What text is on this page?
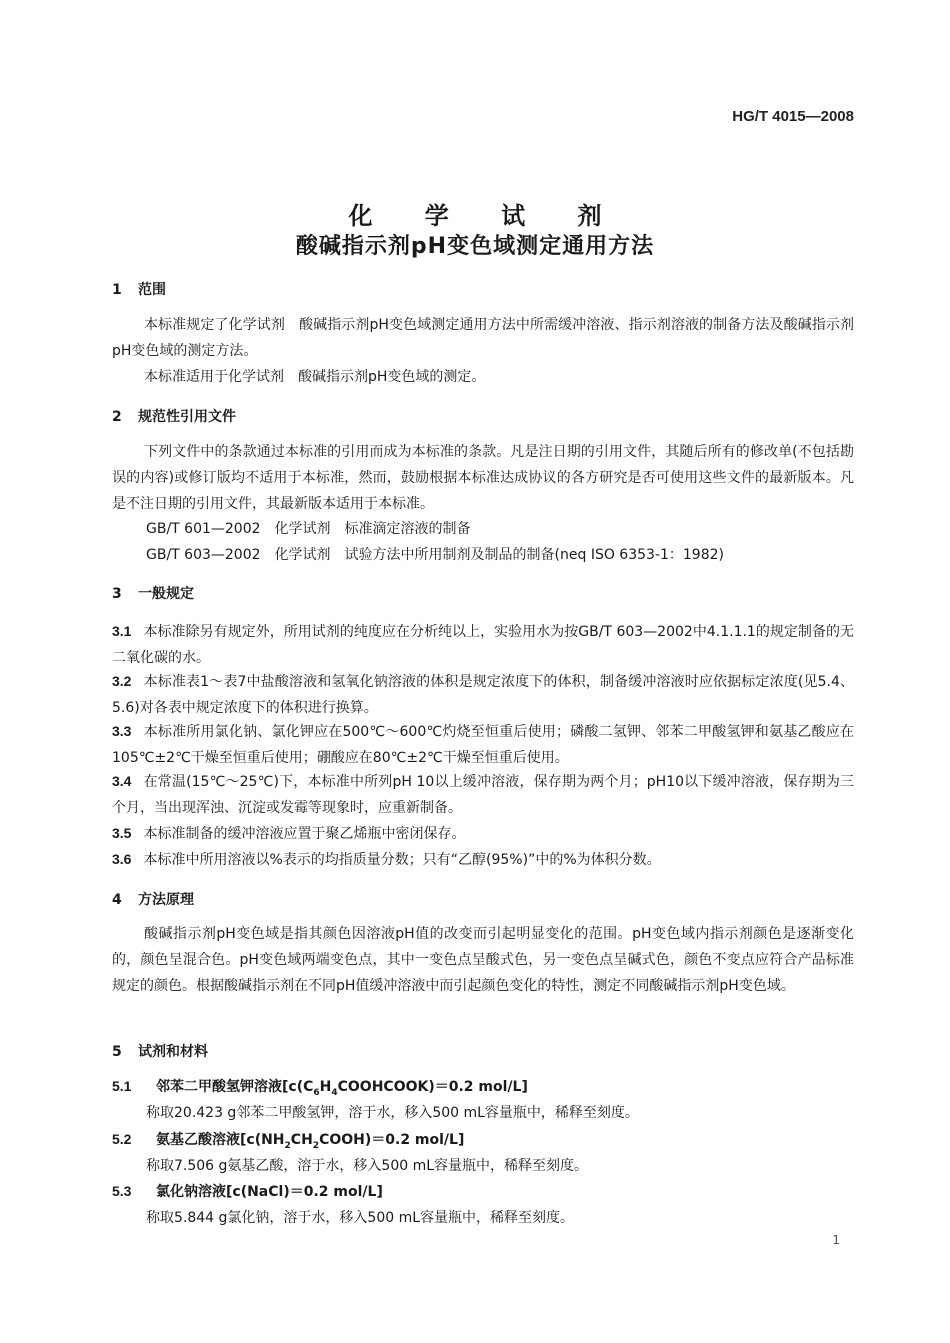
HG/T 4015—2008
化 学 试 剂
酸碱指示剂pH变色域测定通用方法
1 范围
本标准规定了化学试剂　酸碱指示剂pH变色域测定通用方法中所需缓冲溶液、指示剂溶液的制备方法及酸碱指示剂pH变色域的测定方法。
本标准适用于化学试剂　酸碱指示剂pH变色域的测定。
2 规范性引用文件
下列文件中的条款通过本标准的引用而成为本标准的条款。凡是注日期的引用文件，其随后所有的修改单(不包括勘误的内容)或修订版均不适用于本标准，然而，鼓励根据本标准达成协议的各方研究是否可使用这些文件的最新版本。凡是不注日期的引用文件，其最新版本适用于本标准。
GB/T 601—2002 化学试剂 标准滴定溶液的制备
GB/T 603—2002 化学试剂 试验方法中所用制剂及制品的制备(neq ISO 6353-1：1982)
3 一般规定
3.1 本标准除另有规定外，所用试剂的纯度应在分析纯以上，实验用水为按GB/T 603—2002中4.1.1.1的规定制备的无二氧化碳的水。
3.2 本标准表1～表7中盐酸溶液和氢氧化钠溶液的体积是规定浓度下的体积，制备缓冲溶液时应依据标定浓度(见5.4、5.6)对各表中规定浓度下的体积进行换算。
3.3 本标准所用氯化钠、氯化钾应在500℃～600℃灼烧至恒重后使用；磷酸二氢钾、邻苯二甲酸氢钾和氨基乙酸应在105℃±2℃干燥至恒重后使用；硼酸应在80℃±2℃干燥至恒重后使用。
3.4 在常温(15℃～25℃)下，本标准中所列pH 10以上缓冲溶液，保存期为两个月；pH10以下缓冲溶液，保存期为三个月，当出现浑浊、沉淀或发霉等现象时，应重新制备。
3.5 本标准制备的缓冲溶液应置于聚乙烯瓶中密闭保存。
3.6 本标准中所用溶液以%表示的均指质量分数；只有“乙醇(95%)”中的%为体积分数。
4 方法原理
酸碱指示剂pH变色域是指其颜色因溶液pH值的改变而引起明显变化的范围。pH变色域内指示剂颜色是逐渐变化的，颜色呈混合色。pH变色域两端变色点，其中一变色点呈酸式色，另一变色点呈碱式色，颜色不变点应符合产品标准规定的颜色。根据酸碱指示剂在不同pH值缓冲溶液中而引起颜色变化的特性，测定不同酸碱指示剂pH变色域。
5 试剂和材料
5.1 邻苯二甲酸氢钾溶液[$c(C_6H_4COOHCOOK)=0.2$ mol/L]
称取20.423 g邻苯二甲酸氢钾，溶于水，移入500 mL容量瓶中，稀释至刻度。
5.2 氨基乙酸溶液[$c(NH_2CH_2COOH)=0.2$ mol/L]
称取7.506 g氨基乙酸，溶于水，移入500 mL容量瓶中，稀释至刻度。
5.3 氯化钠溶液[c(NaCl)＝0.2 mol/L]
称取5.844 g氯化钠，溶于水，移入500 mL容量瓶中，稀释至刻度。
1
